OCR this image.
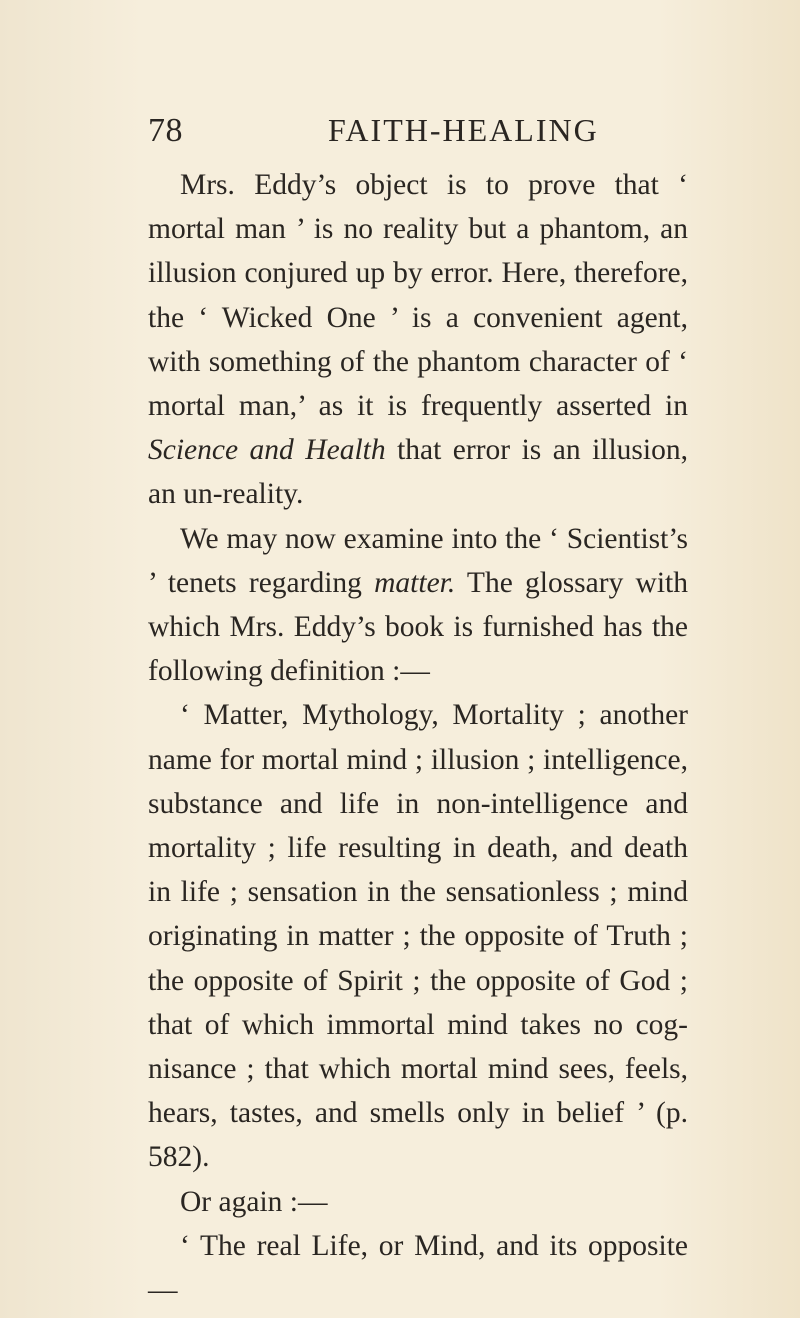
78	FAITH-HEALING

Mrs. Eddy’s object is to prove that ‘ mortal man ’ is no reality but a phantom, an illusion conjured up by error. Here, therefore, the ‘ Wicked One ’ is a convenient agent, with something of the phantom character of ‘ mortal man,’ as it is frequently asserted in Science and Health that error is an illusion, an un-reality.

We may now examine into the ‘ Scientist’s ’ tenets regarding matter. The glossary with which Mrs. Eddy’s book is furnished has the following definition :—

‘ Matter, Mythology, Mortality ; another name for mortal mind ; illusion ; intelligence, substance and life in non-intelligence and mortality ; life resulting in death, and death in life ; sensation in the sensationless ; mind originating in matter ; the opposite of Truth ; the opposite of Spirit ; the opposite of God ; that of which immortal mind takes no cog-nisance ; that which mortal mind sees, feels, hears, tastes, and smells only in belief ’ (p. 582).

Or again :—

‘ The real Life, or Mind, and its opposite—
